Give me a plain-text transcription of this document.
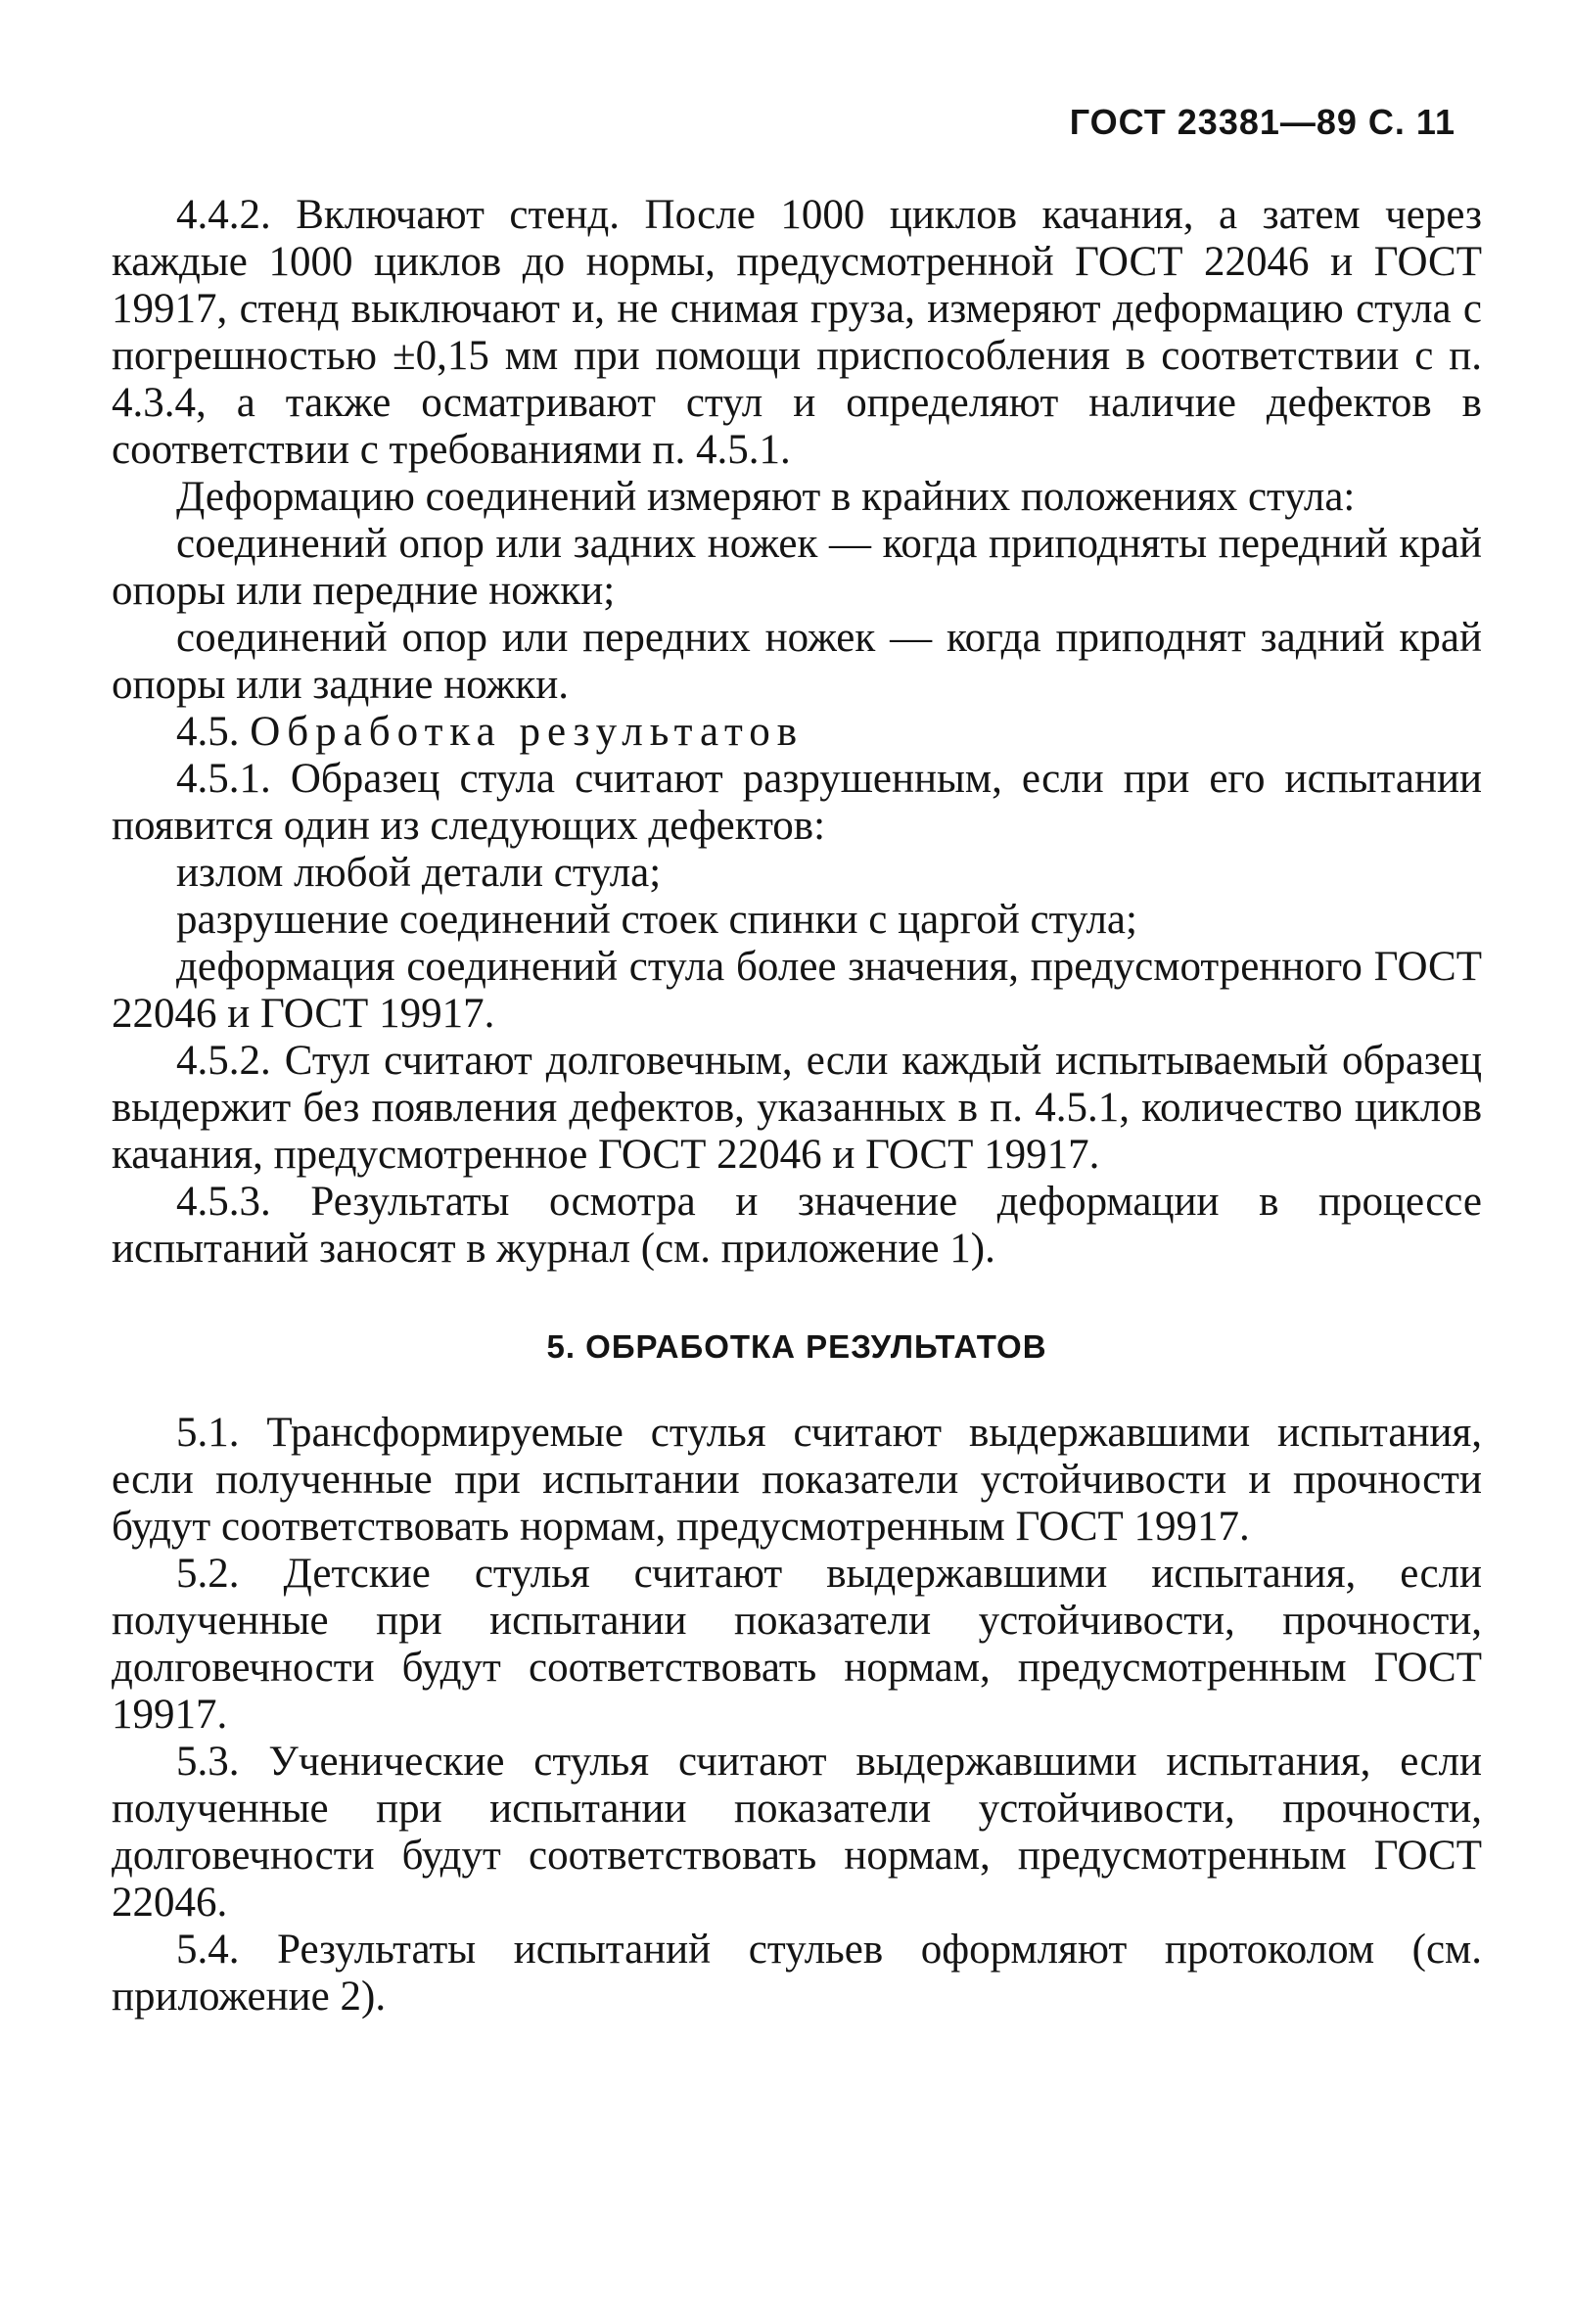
ГОСТ 23381—89 С. 11

4.4.2. Включают стенд. После 1000 циклов качания, а затем через каждые 1000 циклов до нормы, предусмотренной ГОСТ 22046 и ГОСТ 19917, стенд выключают и, не снимая груза, измеряют деформацию стула с погрешностью ±0,15 мм при помощи приспособления в соответствии с п. 4.3.4, а также осматривают стул и определяют наличие дефектов в соответствии с требованиями п. 4.5.1.

Деформацию соединений измеряют в крайних положениях стула:

соединений опор или задних ножек — когда приподняты передний край опоры или передние ножки;

соединений опор или передних ножек — когда приподнят задний край опоры или задние ножки.

4.5. Обработка результатов

4.5.1. Образец стула считают разрушенным, если при его испытании появится один из следующих дефектов:

излом любой детали стула;

разрушение соединений стоек спинки с царгой стула;

деформация соединений стула более значения, предусмотренного ГОСТ 22046 и ГОСТ 19917.

4.5.2. Стул считают долговечным, если каждый испытываемый образец выдержит без появления дефектов, указанных в п. 4.5.1, количество циклов качания, предусмотренное ГОСТ 22046 и ГОСТ 19917.

4.5.3. Результаты осмотра и значение деформации в процессе испытаний заносят в журнал (см. приложение 1).

5. ОБРАБОТКА РЕЗУЛЬТАТОВ

5.1. Трансформируемые стулья считают выдержавшими испытания, если полученные при испытании показатели устойчивости и прочности будут соответствовать нормам, предусмотренным ГОСТ 19917.

5.2. Детские стулья считают выдержавшими испытания, если полученные при испытании показатели устойчивости, прочности, долговечности будут соответствовать нормам, предусмотренным ГОСТ 19917.

5.3. Ученические стулья считают выдержавшими испытания, если полученные при испытании показатели устойчивости, прочности, долговечности будут соответствовать нормам, предусмотренным ГОСТ 22046.

5.4. Результаты испытаний стульев оформляют протоколом (см. приложение 2).
